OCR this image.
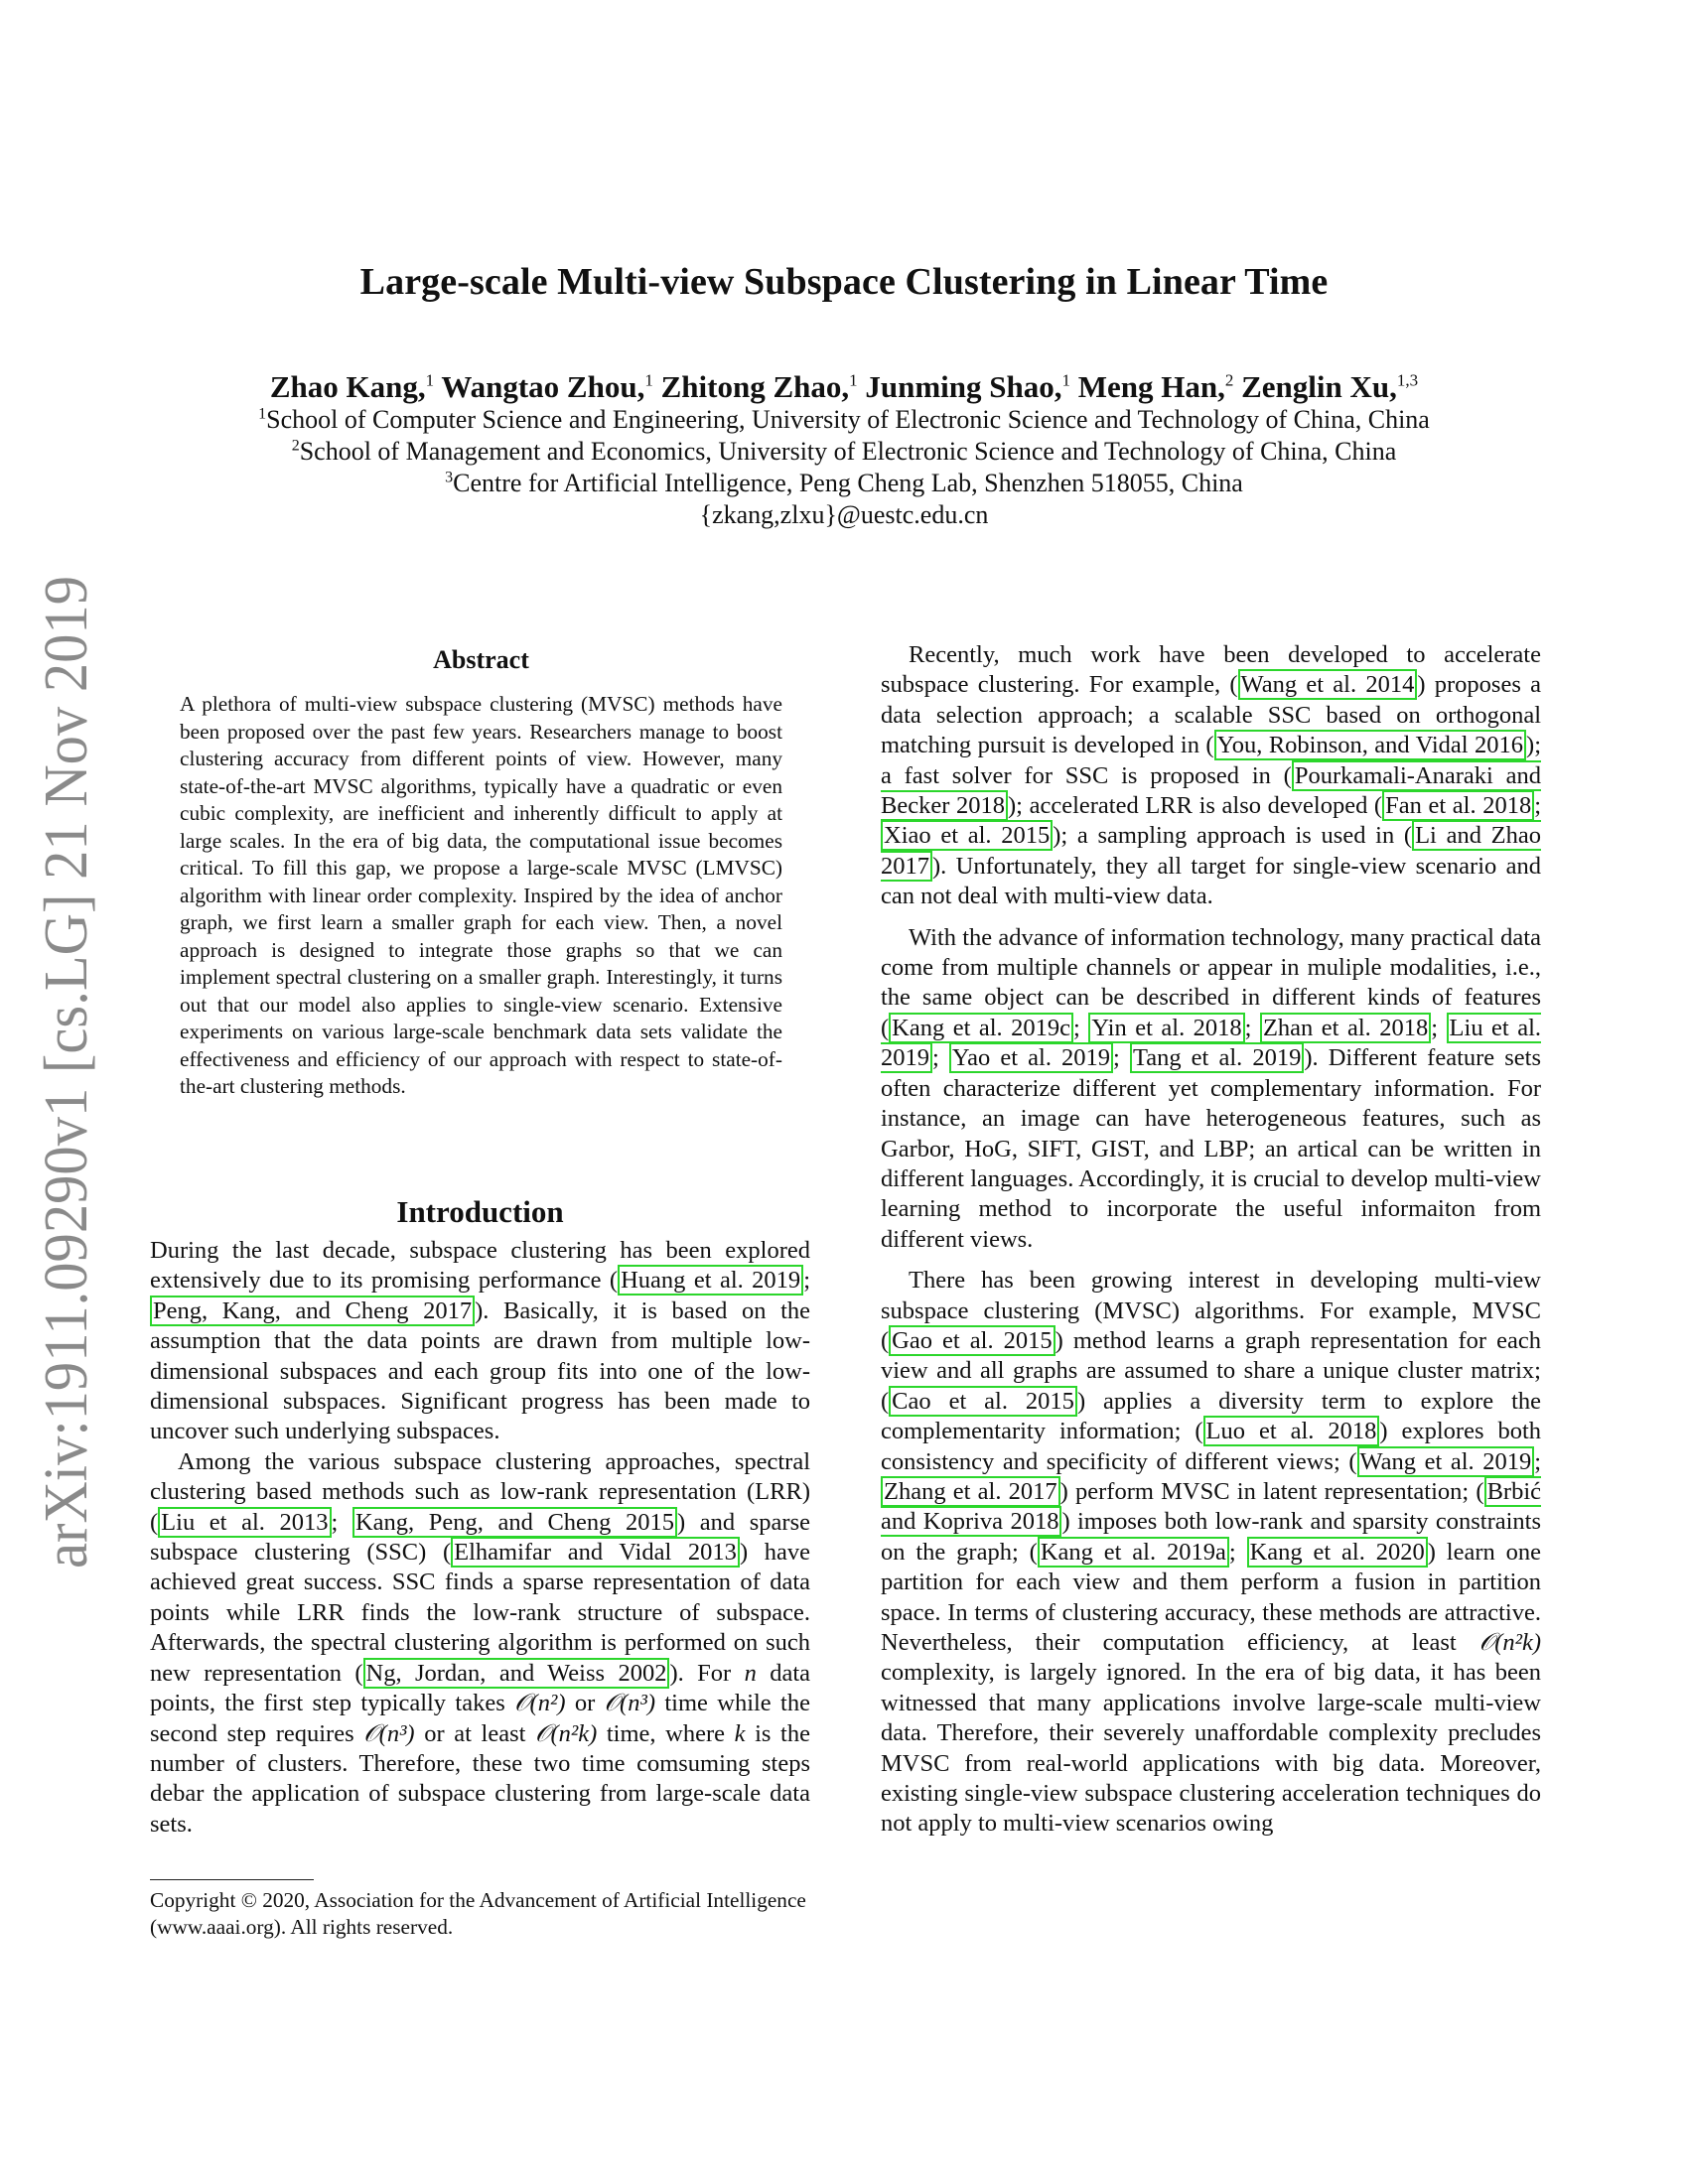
arXiv:1911.09290v1 [cs.LG] 21 Nov 2019
Large-scale Multi-view Subspace Clustering in Linear Time
Zhao Kang,$^1$ Wangtao Zhou,$^1$ Zhitong Zhao,$^1$ Junming Shao,$^1$ Meng Han,$^2$ Zenglin Xu,$^{1,3}$
$^1$School of Computer Science and Engineering, University of Electronic Science and Technology of China, China
$^2$School of Management and Economics, University of Electronic Science and Technology of China, China
$^3$Centre for Artificial Intelligence, Peng Cheng Lab, Shenzhen 518055, China
{zkang,zlxu}@uestc.edu.cn
Abstract
A plethora of multi-view subspace clustering (MVSC) methods have been proposed over the past few years. Researchers manage to boost clustering accuracy from different points of view. However, many state-of-the-art MVSC algorithms, typically have a quadratic or even cubic complexity, are inefficient and inherently difficult to apply at large scales. In the era of big data, the computational issue becomes critical. To fill this gap, we propose a large-scale MVSC (LMVSC) algorithm with linear order complexity. Inspired by the idea of anchor graph, we first learn a smaller graph for each view. Then, a novel approach is designed to integrate those graphs so that we can implement spectral clustering on a smaller graph. Interestingly, it turns out that our model also applies to single-view scenario. Extensive experiments on various large-scale benchmark data sets validate the effectiveness and efficiency of our approach with respect to state-of-the-art clustering methods.
Introduction

During the last decade, subspace clustering has been explored extensively due to its promising performance ( Huang et al. 2019 ; Peng, Kang, and Cheng 2017 ). Basically, it is based on the assumption that the data points are drawn from multiple low-dimensional subspaces and each group fits into one of the low-dimensional subspaces. Significant progress has been made to uncover such underlying subspaces.

Among the various subspace clustering approaches, spectral clustering based methods such as low-rank representation (LRR) ( Liu et al. 2013 ; Kang, Peng, and Cheng 2015 ) and sparse subspace clustering (SSC) ( Elhamifar and Vidal 2013 ) have achieved great success. SSC finds a sparse representation of data points while LRR finds the low-rank structure of subspace. Afterwards, the spectral clustering algorithm is performed on such new representation ( Ng, Jordan, and Weiss 2002 ). For n data points, the first step typically takes 𝒪(n²) or 𝒪(n³) time while the second step requires 𝒪(n³) or at least 𝒪(n²k) time, where k is the number of clusters. Therefore, these two time comsuming steps debar the application of subspace clustering from large-scale data sets.

Copyright © 2020, Association for the Advancement of Artificial Intelligence (www.aaai.org). All rights reserved.

Recently, much work have been developed to accelerate subspace clustering. For example, ( Wang et al. 2014 ) proposes a data selection approach; a scalable SSC based on orthogonal matching pursuit is developed in ( You, Robinson, and Vidal 2016 ); a fast solver for SSC is proposed in ( Pourkamali-Anaraki and Becker 2018 ); accelerated LRR is also developed ( Fan et al. 2018 ; Xiao et al. 2015 ); a sampling approach is used in ( Li and Zhao 2017 ). Unfortunately, they all target for single-view scenario and can not deal with multi-view data.

With the advance of information technology, many practical data come from multiple channels or appear in muliple modalities, i.e., the same object can be described in different kinds of features ( Kang et al. 2019c ; Yin et al. 2018 ; Zhan et al. 2018 ; Liu et al. 2019 ; Yao et al. 2019 ; Tang et al. 2019 ). Different feature sets often characterize different yet complementary information. For instance, an image can have heterogeneous features, such as Garbor, HoG, SIFT, GIST, and LBP; an artical can be written in different languages. Accordingly, it is crucial to develop multi-view learning method to incorporate the useful informaiton from different views.

There has been growing interest in developing multi-view subspace clustering (MVSC) algorithms. For example, MVSC ( Gao et al. 2015 ) method learns a graph representation for each view and all graphs are assumed to share a unique cluster matrix; ( Cao et al. 2015 ) applies a diversity term to explore the complementarity information; ( Luo et al. 2018 ) explores both consistency and specificity of different views; ( Wang et al. 2019 ; Zhang et al. 2017 ) perform MVSC in latent representation; ( Brbić and Kopriva 2018 ) imposes both low-rank and sparsity constraints on the graph; ( Kang et al. 2019a ; Kang et al. 2020 ) learn one partition for each view and them perform a fusion in partition space. In terms of clustering accuracy, these methods are attractive. Nevertheless, their computation efficiency, at least 𝒪(n²k) complexity, is largely ignored. In the era of big data, it has been witnessed that many applications involve large-scale multi-view data. Therefore, their severely unaffordable complexity precludes MVSC from real-world applications with big data. Moreover, existing single-view subspace clustering acceleration techniques do not apply to multi-view scenarios owing
